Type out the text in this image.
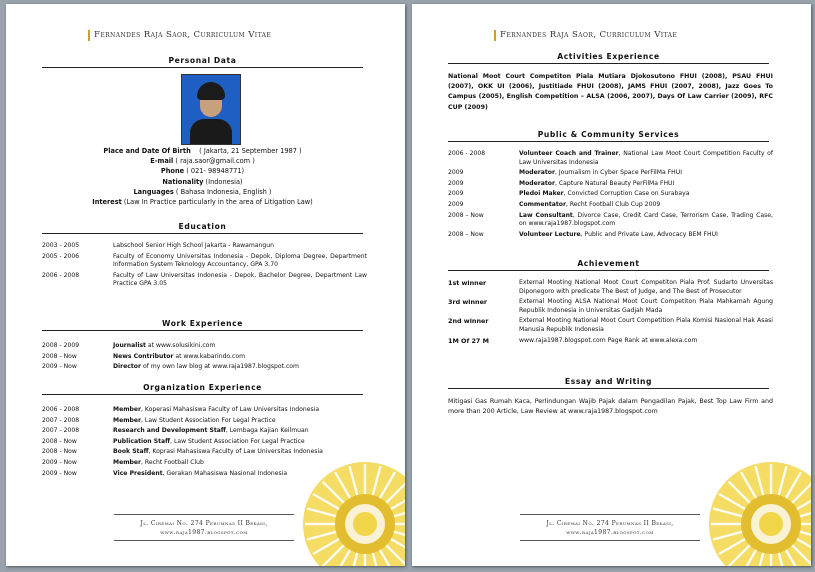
Fernandes Raja Saor, Curriculum Vitae
Personal Data
Place and Date Of Birth ( Jakarta, 21 September 1987 )
E-mail ( raja.saor@gmail.com )
Phone ( 021- 98948771)
Nationality (Indonesia)
Languages ( Bahasa Indonesia, English )
Interest (Law In Practice particularly in the area of Litigation Law)
Education
2003 - 2005	Labschool Senior High School Jakarta - Rawamangun
2005 - 2006	Faculty of Economy Universitas Indonesia - Depok, Diploma Degree, Department Information System Teknology Accountancy, GPA 3.70
2006 - 2008	Faculty of Law Universitas Indonesia - Depok, Bachelor Degree, Department Law Practice GPA 3.05
Work Experience
2008 - 2009	Journalist at www.solusikini.com
2008 - Now	News Contributor at www.kabarindo.com
2009 - Now	Director of my own law blog at www.raja1987.blogspot.com
Organization Experience
2006 - 2008	Member, Koperasi Mahasiswa Faculty of Law Universitas Indonesia
2007 - 2008	Member, Law Student Association For Legal Practice
2007 - 2008	Research and Development Staff, Lembaga Kajian Keilmuan
2008 - Now	Publication Staff, Law Student Association For Legal Practice
2008 - Now	Book Staff, Koprasi Mahasiswa Faculty of Law Universitas Indonesia
2009 - Now	Member, Recht Football Club
2009 - Now	Vice President, Gerakan Mahasiswa Nasional Indonesia
Jl. Ciremai No. 274 Perumnas II Bekasi,
www.raja1987.blogspot.com
Fernandes Raja Saor, Curriculum Vitae
Activities Experience
National Moot Court Competiton Piala Mutiara Djokosutono FHUI (2008), PSAU FHUI (2007), OKK UI (2006), Justitiade FHUI (2008), JAMS FHUI (2007, 2008), Jazz Goes To Campus (2005), English Competition – ALSA (2006, 2007), Days Of Law Carrier (2009), RFC CUP (2009)
Public & Community Services
2006 - 2008	Volunteer Coach and Trainer, National Law Moot Court Competition Faculty of Law Universitas Indonesia
2009	Moderator, Journalism in Cyber Space PerFilMa FHUI
2009	Moderator, Capture Natural Beauty PerFilMa FHUI
2009	Pledoi Maker, Convicted Corruption Case on Surabaya
2009	Commentator, Recht Football Club Cup 2009
2008 – Now	Law Consultant, Divorce Case, Credit Card Case, Terrorism Case, Trading Case, on www.raja1987.blogspot.com
2008 – Now	Volunteer Lecture, Public and Private Law, Advocacy BEM FHUI
Achievement
1st winner	External Mooting National Moot Court Competiton Piala Prof. Sudarto Unversitas Diponegoro with predicate The Best of Judge, and The Best of Prosecutor
3rd winner	External Mooting ALSA National Moot Court Competiton Piala Mahkamah Agung Republik Indonesia in Universitas Gadjah Mada
2nd winner	External Mooting National Moot Court Competition Piala Komisi Nasional Hak Asasi Manusia Republik Indonesia
1M Of 27 M	www.raja1987.blogspot.com Page Rank at www.alexa.com
Essay and Writing
Mitigasi Gas Rumah Kaca, Perlindungan Wajib Pajak dalam Pengadilan Pajak, Best Top Law Firm and more than 200 Article, Law Review at www.raja1987.blogspot.com
Jl. Ciremai No. 274 Perumnas II Bekasi,
www.raja1987.blogspot.com
